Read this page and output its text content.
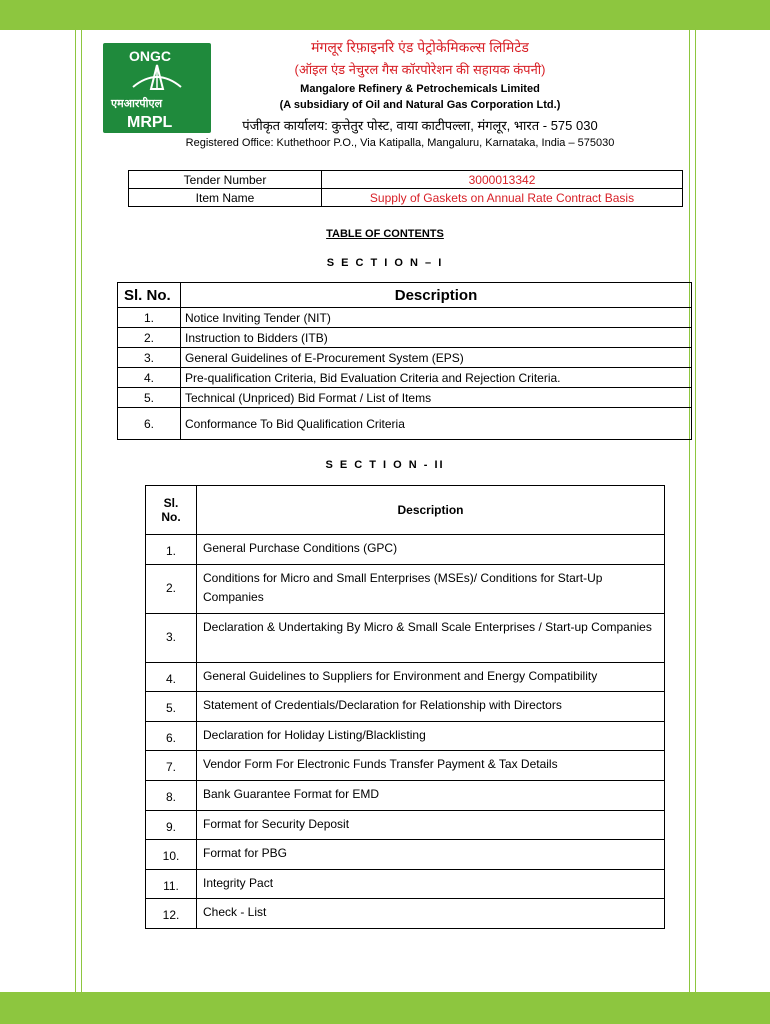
ONGC
एमआरपीएल
MRPL
मंगलूर रिफ़ाइनरि एंड पेट्रोकेमिकल्स लिमिटेड
(ऑइल एंड नेचुरल गैस कॉरपोरेशन की सहायक कंपनी)
Mangalore Refinery & Petrochemicals Limited
(A subsidiary of Oil and Natural Gas Corporation Ltd.)
पंजीकृत कार्यालय: कुत्तेतुर पोस्ट, वाया काटीपल्ला, मंगलूर, भारत - 575 030
Registered Office: Kuthethoor P.O., Via Katipalla, Mangaluru, Karnataka, India – 575030
Tender Number	3000013342
Item Name	Supply of Gaskets on Annual Rate Contract Basis
TABLE OF CONTENTS
S E C T I O N – I
Sl. No.	Description
1.	Notice Inviting Tender (NIT)
2.	Instruction to Bidders (ITB)
3.	General Guidelines of E-Procurement System (EPS)
4.	Pre-qualification Criteria, Bid Evaluation Criteria and Rejection Criteria.
5.	Technical (Unpriced) Bid Format / List of Items
6.	Conformance To Bid Qualification Criteria
S E C T I O N - II
Sl.
No.	Description
1.	General Purchase Conditions (GPC)
2.	Conditions for Micro and Small Enterprises (MSEs)/ Conditions for Start-Up Companies
3.	Declaration & Undertaking By Micro & Small Scale Enterprises / Start-up Companies
4.	General Guidelines to Suppliers for Environment and Energy Compatibility
5.	Statement of Credentials/Declaration for Relationship with Directors
6.	Declaration for Holiday Listing/Blacklisting
7.	Vendor Form For Electronic Funds Transfer Payment & Tax Details
8.	Bank Guarantee Format for EMD
9.	Format for Security Deposit
10.	Format for PBG
11.	Integrity Pact
12.	Check - List
